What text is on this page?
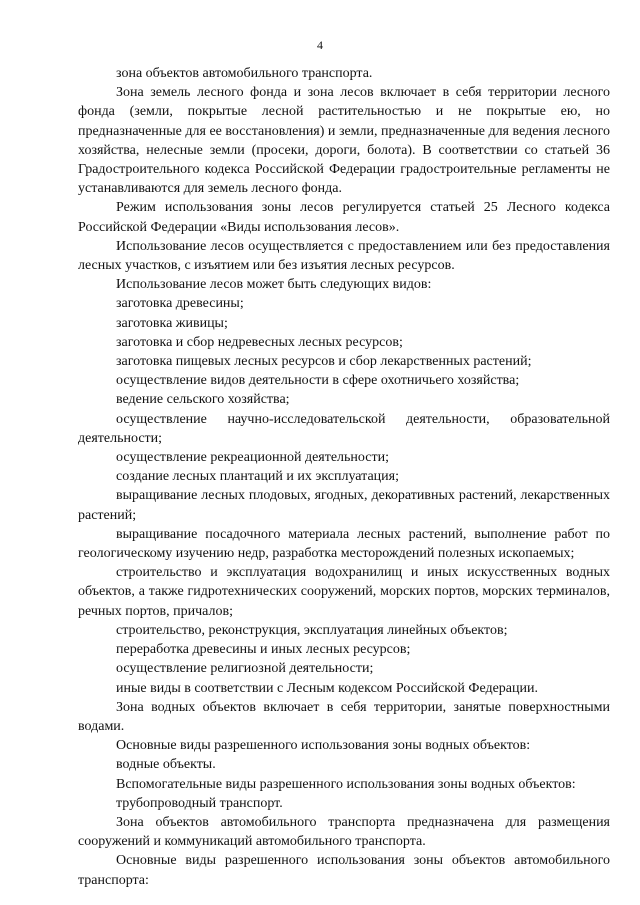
4

зона объектов автомобильного транспорта.

Зона земель лесного фонда и зона лесов включает в себя территории лесного фонда (земли, покрытые лесной растительностью и не покрытые ею, но предназначенные для ее восстановления) и земли, предназначенные для ведения лесного хозяйства, нелесные земли (просеки, дороги, болота). В соответствии со статьей 36 Градостроительного кодекса Российской Федерации градостроительные регламенты не устанавливаются для земель лесного фонда.

Режим использования зоны лесов регулируется статьей 25 Лесного кодекса Российской Федерации «Виды использования лесов».

Использование лесов осуществляется с предоставлением или без предоставления лесных участков, с изъятием или без изъятия лесных ресурсов.

Использование лесов может быть следующих видов:

заготовка древесины;

заготовка живицы;

заготовка и сбор недревесных лесных ресурсов;

заготовка пищевых лесных ресурсов и сбор лекарственных растений;

осуществление видов деятельности в сфере охотничьего хозяйства;

ведение сельского хозяйства;

осуществление научно-исследовательской деятельности, образовательной деятельности;

осуществление рекреационной деятельности;

создание лесных плантаций и их эксплуатация;

выращивание лесных плодовых, ягодных, декоративных растений, лекарственных растений;

выращивание посадочного материала лесных растений, выполнение работ по геологическому изучению недр, разработка месторождений полезных ископаемых;

строительство и эксплуатация водохранилищ и иных искусственных водных объектов, а также гидротехнических сооружений, морских портов, морских терминалов, речных портов, причалов;

строительство, реконструкция, эксплуатация линейных объектов;

переработка древесины и иных лесных ресурсов;

осуществление религиозной деятельности;

иные виды в соответствии с Лесным кодексом Российской Федерации.

Зона водных объектов включает в себя территории, занятые поверхностными водами.

Основные виды разрешенного использования зоны водных объектов:

водные объекты.

Вспомогательные виды разрешенного использования зоны водных объектов:

трубопроводный транспорт.

Зона объектов автомобильного транспорта предназначена для размещения сооружений и коммуникаций автомобильного транспорта.

Основные виды разрешенного использования зоны объектов автомобильного транспорта:
